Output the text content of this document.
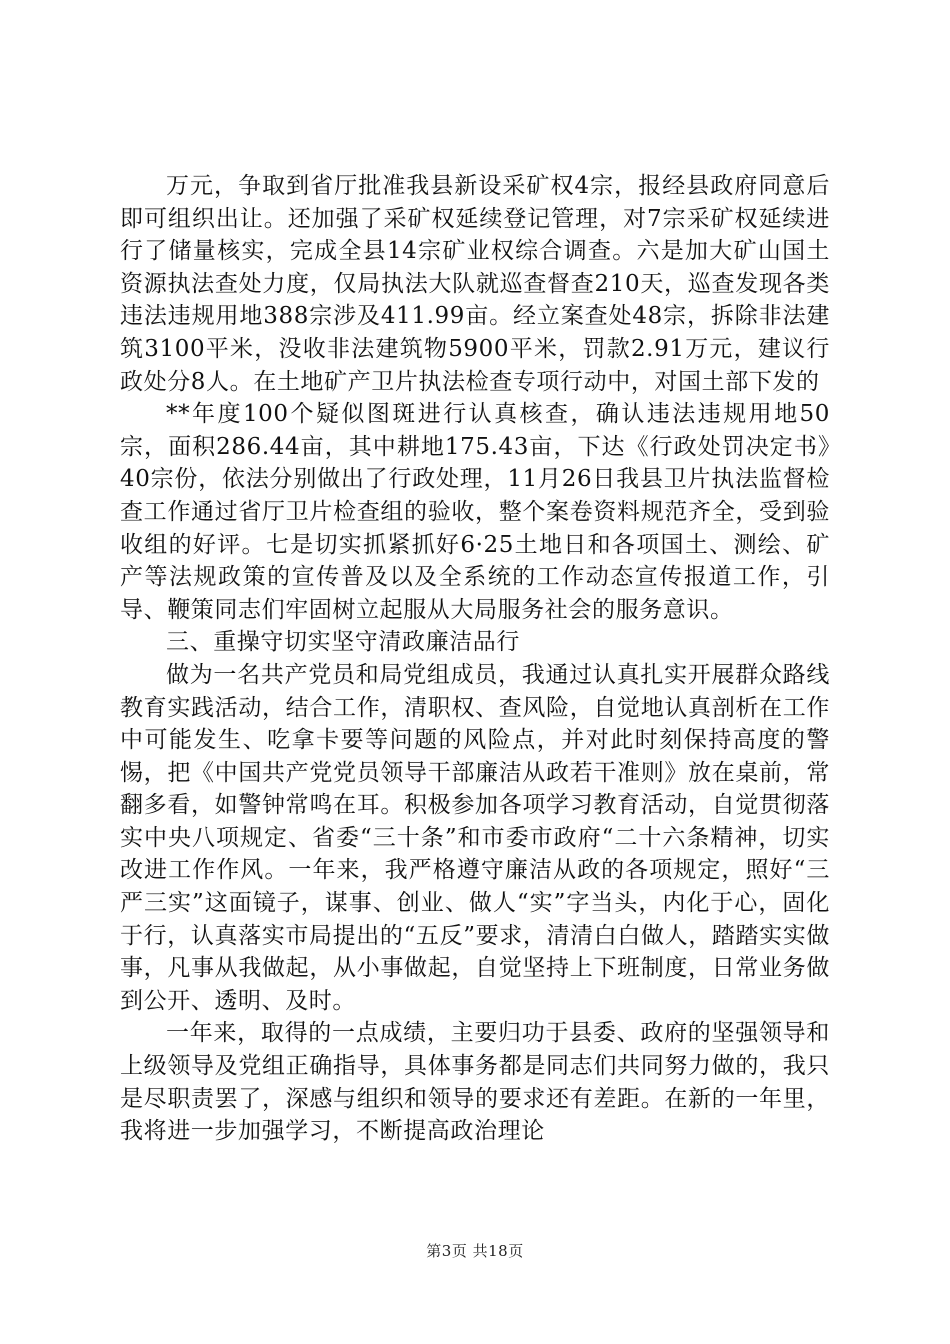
万元，争取到省厅批准我县新设采矿权4宗，报经县政府同意后即可组织出让。还加强了采矿权延续登记管理，对7宗采矿权延续进行了储量核实，完成全县14宗矿业权综合调查。六是加大矿山国土资源执法查处力度，仅局执法大队就巡查督查210天，巡查发现各类违法违规用地388宗涉及411.99亩。经立案查处48宗，拆除非法建筑3100平米，没收非法建筑物5900平米，罚款2.91万元，建议行政处分8人。在土地矿产卫片执法检查专项行动中，对国土部下发的

**年度100个疑似图斑进行认真核查，确认违法违规用地50宗，面积286.44亩，其中耕地175.43亩，下达《行政处罚决定书》40宗份，依法分别做出了行政处理，11月26日我县卫片执法监督检查工作通过省厅卫片检查组的验收，整个案卷资料规范齐全，受到验收组的好评。七是切实抓紧抓好6·25土地日和各项国土、测绘、矿产等法规政策的宣传普及以及全系统的工作动态宣传报道工作，引导、鞭策同志们牢固树立起服从大局服务社会的服务意识。

三、重操守切实坚守清政廉洁品行

做为一名共产党员和局党组成员，我通过认真扎实开展群众路线教育实践活动，结合工作，清职权、查风险，自觉地认真剖析在工作中可能发生、吃拿卡要等问题的风险点，并对此时刻保持高度的警惕，把《中国共产党党员领导干部廉洁从政若干准则》放在桌前，常翻多看，如警钟常鸣在耳。积极参加各项学习教育活动，自觉贯彻落实中央八项规定、省委“三十条”和市委市政府“二十六条精神，切实改进工作作风。一年来，我严格遵守廉洁从政的各项规定，照好“三严三实”这面镜子，谋事、创业、做人“实”字当头，内化于心，固化于行，认真落实市局提出的“五反”要求，清清白白做人，踏踏实实做事，凡事从我做起，从小事做起，自觉坚持上下班制度，日常业务做到公开、透明、及时。

一年来，取得的一点成绩，主要归功于县委、政府的坚强领导和上级领导及党组正确指导，具体事务都是同志们共同努力做的，我只是尽职责罢了，深感与组织和领导的要求还有差距。在新的一年里，我将进一步加强学习，不断提高政治理论

第3页 共18页
